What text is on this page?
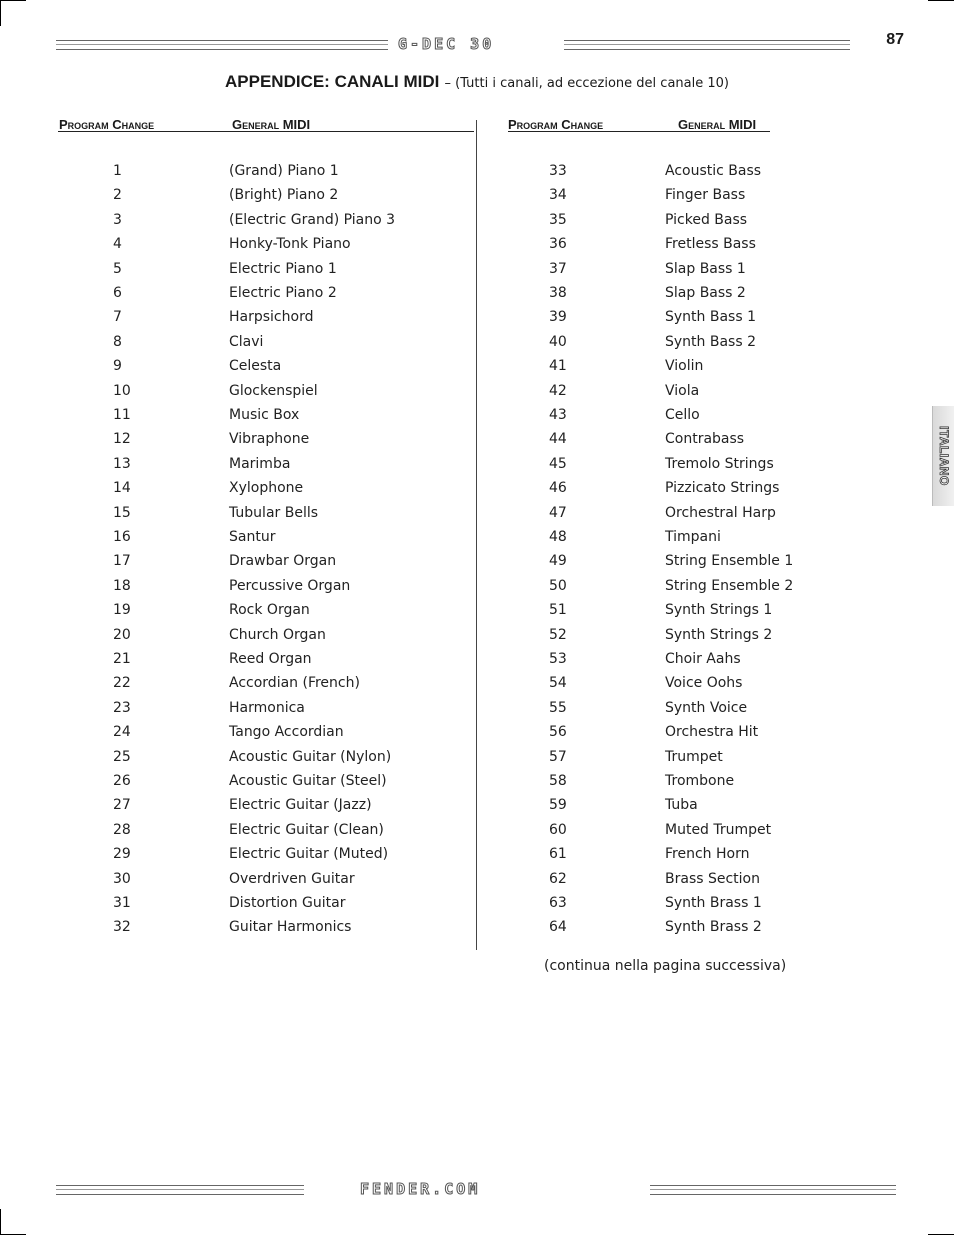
G-DEC 30	87
APPENDICE: CANALI MIDI – (Tutti i canali, ad eccezione del canale 10)
Program Change	General MIDI	Program Change	General MIDI
1	(Grand) Piano 1
2	(Bright) Piano 2
3	(Electric Grand) Piano 3
4	Honky-Tonk Piano
5	Electric Piano 1
6	Electric Piano 2
7	Harpsichord
8	Clavi
9	Celesta
10	Glockenspiel
11	Music Box
12	Vibraphone
13	Marimba
14	Xylophone
15	Tubular Bells
16	Santur
17	Drawbar Organ
18	Percussive Organ
19	Rock Organ
20	Church Organ
21	Reed Organ
22	Accordian (French)
23	Harmonica
24	Tango Accordian
25	Acoustic Guitar (Nylon)
26	Acoustic Guitar (Steel)
27	Electric Guitar (Jazz)
28	Electric Guitar (Clean)
29	Electric Guitar (Muted)
30	Overdriven Guitar
31	Distortion Guitar
32	Guitar Harmonics
33	Acoustic Bass
34	Finger Bass
35	Picked Bass
36	Fretless Bass
37	Slap Bass 1
38	Slap Bass 2
39	Synth Bass 1
40	Synth Bass 2
41	Violin
42	Viola
43	Cello
44	Contrabass
45	Tremolo Strings
46	Pizzicato Strings
47	Orchestral Harp
48	Timpani
49	String Ensemble 1
50	String Ensemble 2
51	Synth Strings 1
52	Synth Strings 2
53	Choir Aahs
54	Voice Oohs
55	Synth Voice
56	Orchestra Hit
57	Trumpet
58	Trombone
59	Tuba
60	Muted Trumpet
61	French Horn
62	Brass Section
63	Synth Brass 1
64	Synth Brass 2
(continua nella pagina successiva)
ITALIANO
FENDER.COM
